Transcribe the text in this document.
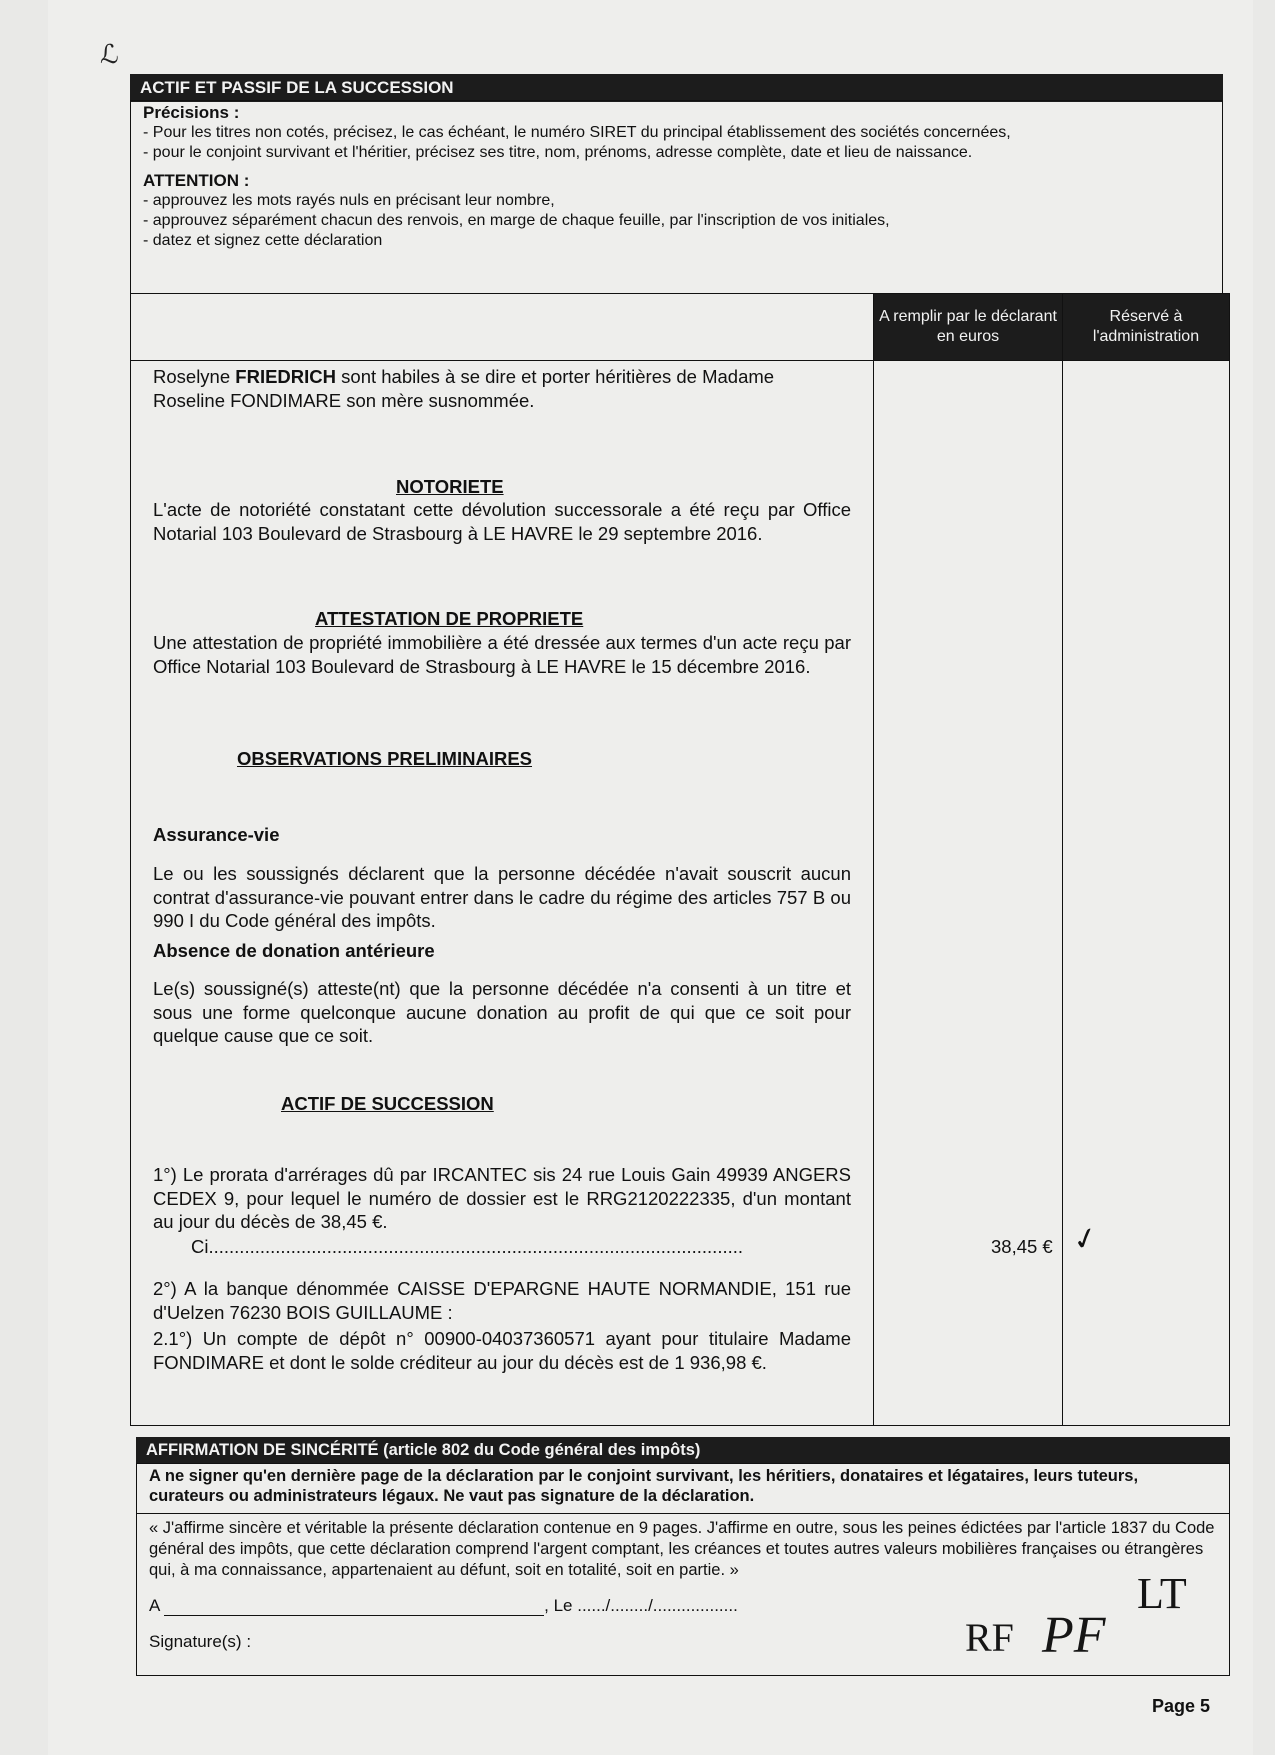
ℒ
ACTIF ET PASSIF DE LA SUCCESSION
Précisions :
- Pour les titres non cotés, précisez, le cas échéant, le numéro SIRET du principal établissement des sociétés concernées,
- pour le conjoint survivant et l'héritier, précisez ses titre, nom, prénoms, adresse complète, date et lieu de naissance.
ATTENTION :
- approuvez les mots rayés nuls en précisant leur nombre,
- approuvez séparément chacun des renvois, en marge de chaque feuille, par l'inscription de vos initiales,
- datez et signez cette déclaration
A remplir par le déclarant en euros
Réservé à l'administration
Roselyne FRIEDRICH sont habiles à se dire et porter héritières de Madame
Roseline FONDIMARE son mère susnommée.
NOTORIETE
L'acte de notoriété constatant cette dévolution successorale a été reçu par Office Notarial 103 Boulevard de Strasbourg à LE HAVRE le 29 septembre 2016.
ATTESTATION DE PROPRIETE
Une attestation de propriété immobilière a été dressée aux termes d'un acte reçu par Office Notarial 103 Boulevard de Strasbourg à LE HAVRE le 15 décembre 2016.
OBSERVATIONS PRELIMINAIRES
Assurance-vie
Le ou les soussignés déclarent que la personne décédée n'avait souscrit aucun contrat d'assurance-vie pouvant entrer dans le cadre du régime des articles 757 B ou 990 I du Code général des impôts.
Absence de donation antérieure
Le(s) soussigné(s) atteste(nt) que la personne décédée n'a consenti à un titre et sous une forme quelconque aucune donation au profit de qui que ce soit pour quelque cause que ce soit.
ACTIF DE SUCCESSION
1°) Le prorata d'arrérages dû par IRCANTEC sis 24 rue Louis Gain 49939 ANGERS CEDEX 9, pour lequel le numéro de dossier est le RRG2120222335, d'un montant au jour du décès de 38,45 €.
Ci........................................................................................................	38,45 € ✓
2°) A la banque dénommée CAISSE D'EPARGNE HAUTE NORMANDIE, 151 rue d'Uelzen 76230 BOIS GUILLAUME :
2.1°) Un compte de dépôt n° 00900-04037360571 ayant pour titulaire Madame FONDIMARE et dont le solde créditeur au jour du décès est de 1 936,98 €.
AFFIRMATION DE SINCÉRITÉ (article 802 du Code général des impôts)
A ne signer qu'en dernière page de la déclaration par le conjoint survivant, les héritiers, donataires et légataires, leurs tuteurs, curateurs ou administrateurs légaux. Ne vaut pas signature de la déclaration.
« J'affirme sincère et véritable la présente déclaration contenue en 9 pages. J'affirme en outre, sous les peines édictées par l'article 1837 du Code général des impôts, que cette déclaration comprend l'argent comptant, les créances et toutes autres valeurs mobilières françaises ou étrangères qui, à ma connaissance, appartenaient au défunt, soit en totalité, soit en partie. »
A	, Le ....../......../..................
Signature(s) :
LT
RF PF
Page 5
